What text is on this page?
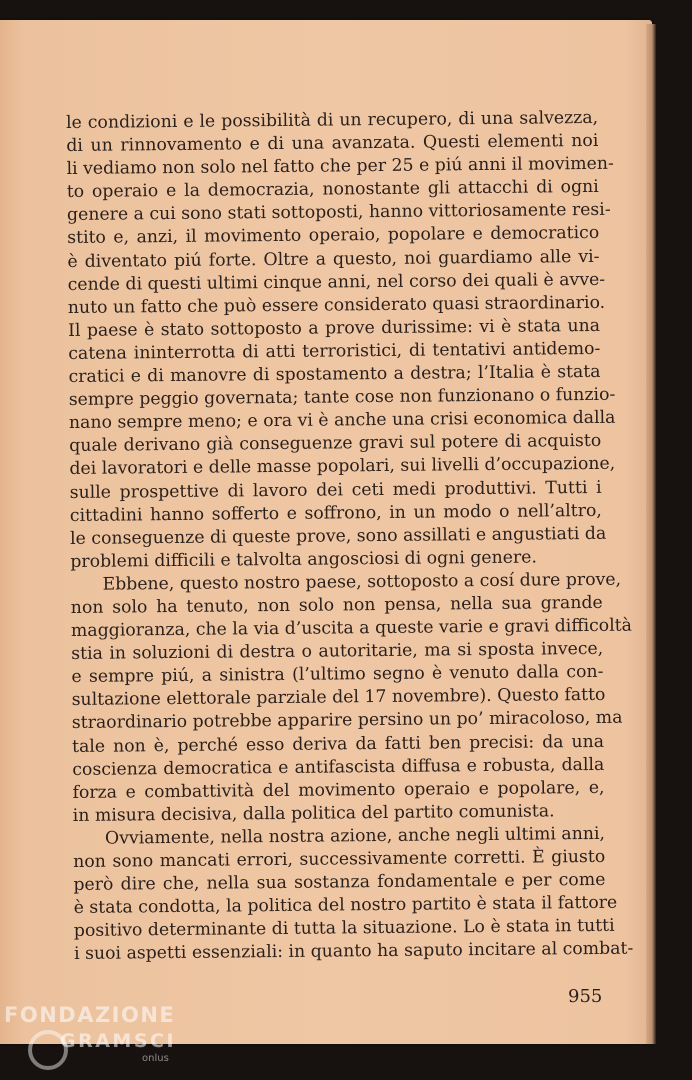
le condizioni e le possibilità di un recupero, di una salvezza,
di un rinnovamento e di una avanzata. Questi elementi noi
li vediamo non solo nel fatto che per 25 e piú anni il movimen-
to operaio e la democrazia, nonostante gli attacchi di ogni
genere a cui sono stati sottoposti, hanno vittoriosamente resi-
stito e, anzi, il movimento operaio, popolare e democratico
è diventato piú forte. Oltre a questo, noi guardiamo alle vi-
cende di questi ultimi cinque anni, nel corso dei quali è avve-
nuto un fatto che può essere considerato quasi straordinario.
Il paese è stato sottoposto a prove durissime: vi è stata una
catena ininterrotta di atti terroristici, di tentativi antidemo-
cratici e di manovre di spostamento a destra; l’Italia è stata
sempre peggio governata; tante cose non funzionano o funzio-
nano sempre meno; e ora vi è anche una crisi economica dalla
quale derivano già conseguenze gravi sul potere di acquisto
dei lavoratori e delle masse popolari, sui livelli d’occupazione,
sulle prospettive di lavoro dei ceti medi produttivi. Tutti i
cittadini hanno sofferto e soffrono, in un modo o nell’altro,
le conseguenze di queste prove, sono assillati e angustiati da
problemi difficili e talvolta angosciosi di ogni genere.

Ebbene, questo nostro paese, sottoposto a cosí dure prove,
non solo ha tenuto, non solo non pensa, nella sua grande
maggioranza, che la via d’uscita a queste varie e gravi difficoltà
stia in soluzioni di destra o autoritarie, ma si sposta invece,
e sempre piú, a sinistra (l’ultimo segno è venuto dalla con-
sultazione elettorale parziale del 17 novembre). Questo fatto
straordinario potrebbe apparire persino un po’ miracoloso, ma
tale non è, perché esso deriva da fatti ben precisi: da una
coscienza democratica e antifascista diffusa e robusta, dalla
forza e combattività del movimento operaio e popolare, e,
in misura decisiva, dalla politica del partito comunista.

Ovviamente, nella nostra azione, anche negli ultimi anni,
non sono mancati errori, successivamente corretti. È giusto
però dire che, nella sua sostanza fondamentale e per come
è stata condotta, la politica del nostro partito è stata il fattore
positivo determinante di tutta la situazione. Lo è stata in tutti
i suoi aspetti essenziali: in quanto ha saputo incitare al combat-

955
FONDAZIONE
GRAMSCI
onlus
